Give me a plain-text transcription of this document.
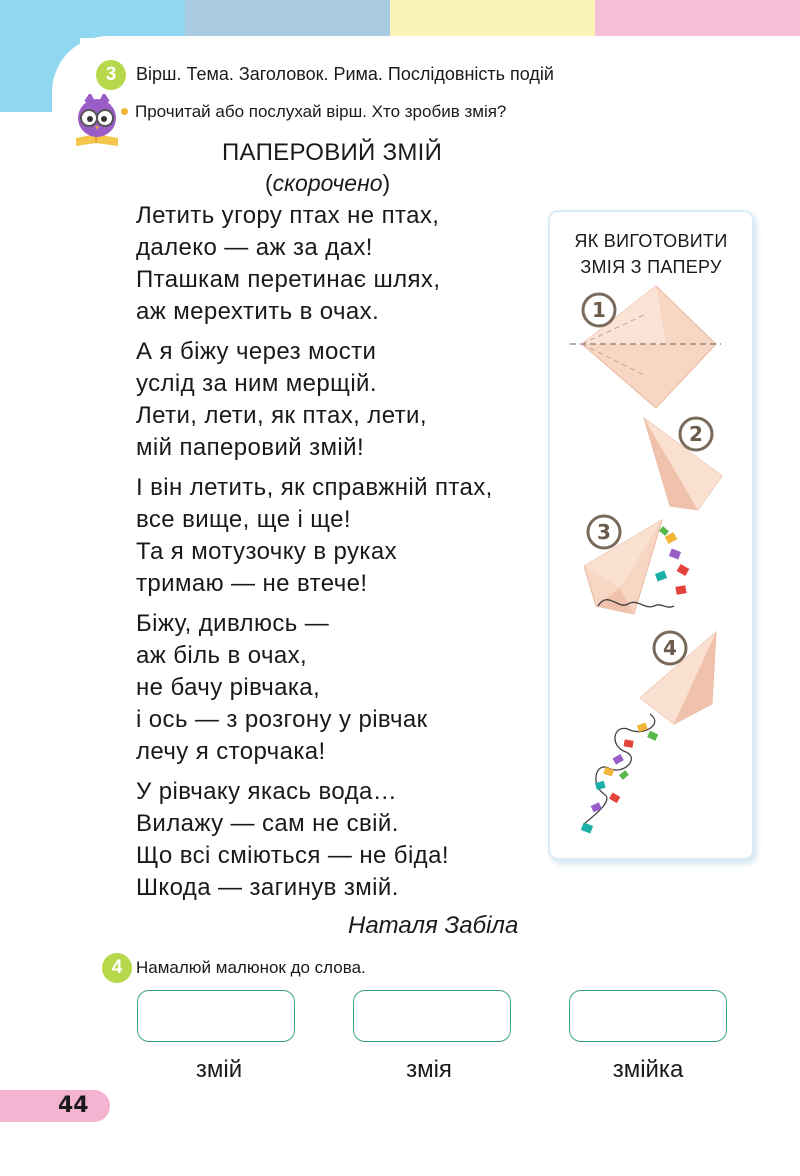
3	Вірш. Тема. Заголовок. Рима. Послідовність подій
Прочитай або послухай вірш. Хто зробив змія?
ПАПЕРОВИЙ ЗМІЙ
(скорочено)
Летить угору птах не птах,
далеко — аж за дах!
Пташкам перетинає шлях,
аж мерехтить в очах.
А я біжу через мости
услід за ним мерщій.
Лети, лети, як птах, лети,
мій паперовий змій!
І він летить, як справжній птах,
все вище, ще і ще!
Та я мотузочку в руках
тримаю — не втече!
Біжу, дивлюсь —
аж біль в очах,
не бачу рівчака,
і ось — з розгону у рівчак
лечу я сторчака!
У рівчаку якась вода…
Вилажу — сам не свій.
Що всі сміються — не біда!
Шкода — загинув змій.
Наталя Забіла
ЯК ВИГОТОВИТИ
ЗМІЯ З ПАПЕРУ
1
2
3
4
4 Намалюй малюнок до слова.
змій	змія	змійка
44
